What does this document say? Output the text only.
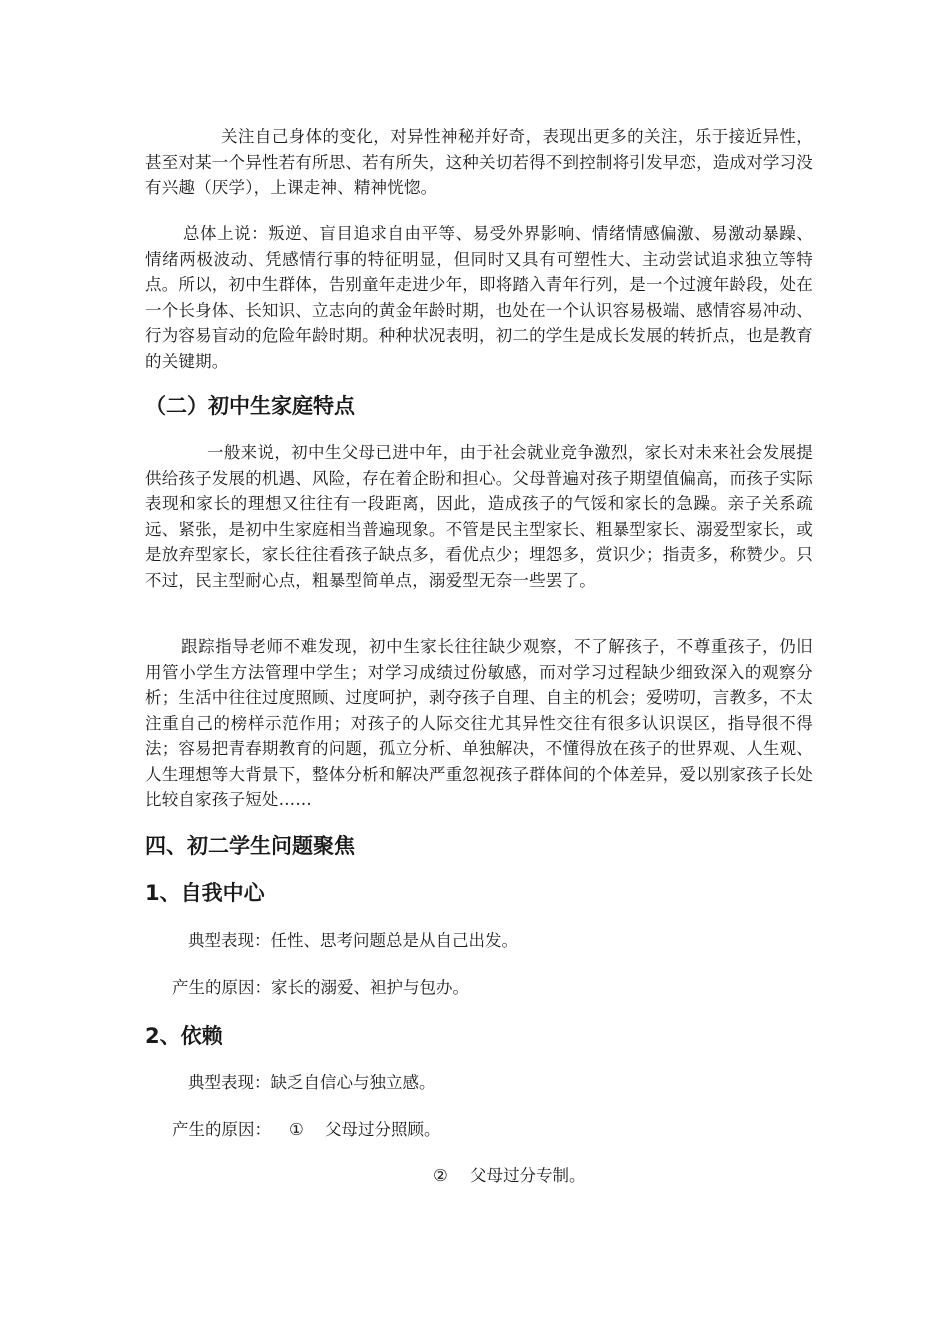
关注自己身体的变化，对异性神秘并好奇，表现出更多的关注，乐于接近异性，甚至对某一个异性若有所思、若有所失，这种关切若得不到控制将引发早恋，造成对学习没有兴趣（厌学），上课走神、精神恍惚。
总体上说：叛逆、盲目追求自由平等、易受外界影响、情绪情感偏激、易激动暴躁、情绪两极波动、凭感情行事的特征明显，但同时又具有可塑性大、主动尝试追求独立等特点。所以，初中生群体，告别童年走进少年，即将踏入青年行列，是一个过渡年龄段，处在一个长身体、长知识、立志向的黄金年龄时期，也处在一个认识容易极端、感情容易冲动、行为容易盲动的危险年龄时期。种种状况表明，初二的学生是成长发展的转折点，也是教育的关键期。
（二）初中生家庭特点
一般来说，初中生父母已进中年，由于社会就业竞争激烈，家长对未来社会发展提供给孩子发展的机遇、风险，存在着企盼和担心。父母普遍对孩子期望值偏高，而孩子实际表现和家长的理想又往往有一段距离，因此，造成孩子的气馁和家长的急躁。亲子关系疏远、紧张，是初中生家庭相当普遍现象。不管是民主型家长、粗暴型家长、溺爱型家长，或是放弃型家长，家长往往看孩子缺点多，看优点少；埋怨多，赏识少；指责多，称赞少。只不过，民主型耐心点，粗暴型简单点，溺爱型无奈一些罢了。
跟踪指导老师不难发现，初中生家长往往缺少观察，不了解孩子，不尊重孩子，仍旧用管小学生方法管理中学生；对学习成绩过份敏感，而对学习过程缺少细致深入的观察分析；生活中往往过度照顾、过度呵护，剥夺孩子自理、自主的机会；爱唠叨，言教多，不太注重自己的榜样示范作用；对孩子的人际交往尤其异性交往有很多认识误区，指导很不得法；容易把青春期教育的问题，孤立分析、单独解决，不懂得放在孩子的世界观、人生观、人生理想等大背景下，整体分析和解决严重忽视孩子群体间的个体差异，爱以别家孩子长处比较自家孩子短处……
四、初二学生问题聚焦
1、自我中心
典型表现：任性、思考问题总是从自己出发。
产生的原因：家长的溺爱、袒护与包办。
2、依赖
典型表现：缺乏自信心与独立感。
产生的原因： ① 父母过分照顾。
② 父母过分专制。
